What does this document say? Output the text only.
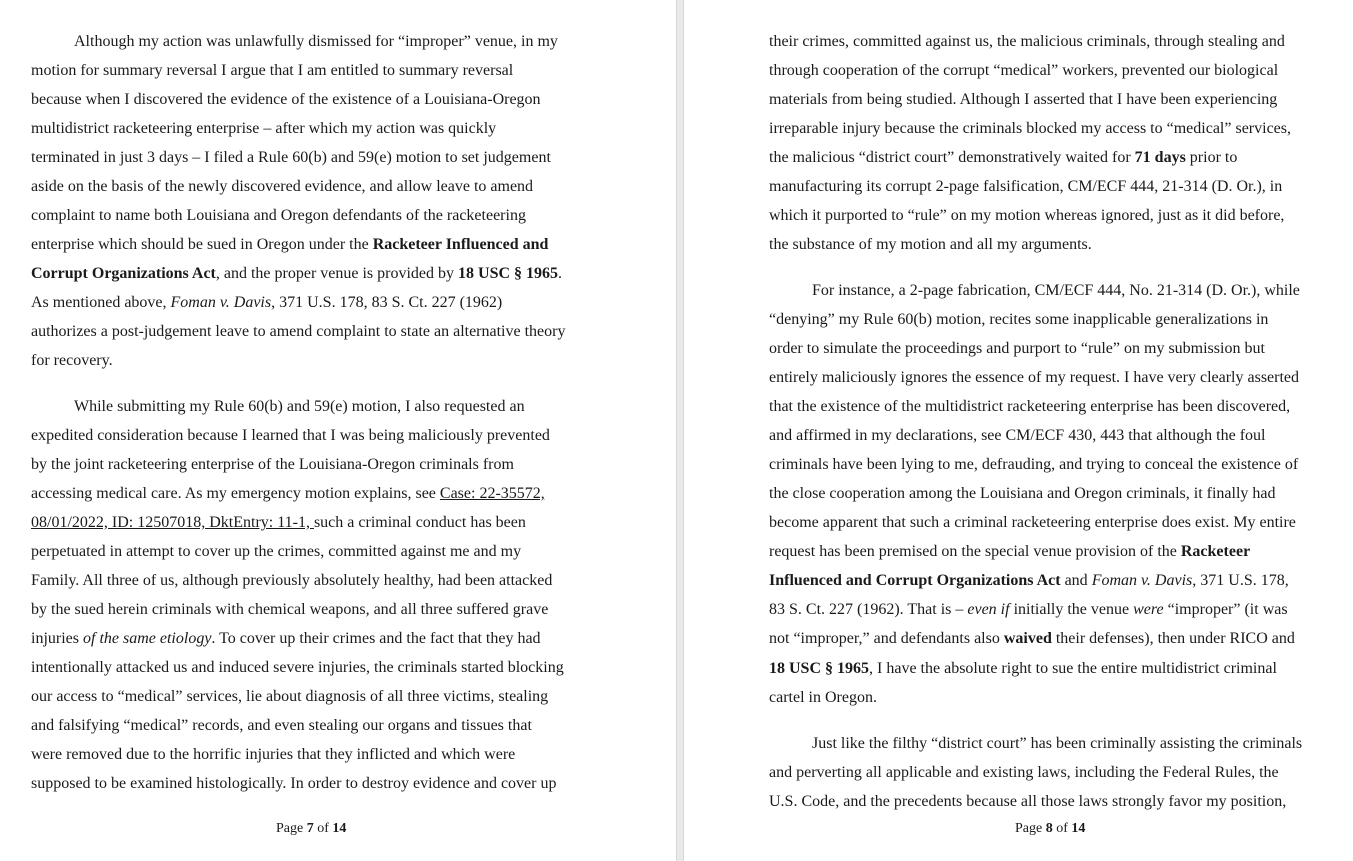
Although my action was unlawfully dismissed for “improper” venue, in my
motion for summary reversal I argue that I am entitled to summary reversal
because when I discovered the evidence of the existence of a Louisiana-Oregon
multidistrict racketeering enterprise – after which my action was quickly
terminated in just 3 days – I filed a Rule 60(b) and 59(e) motion to set judgement
aside on the basis of the newly discovered evidence, and allow leave to amend
complaint to name both Louisiana and Oregon defendants of the racketeering
enterprise which should be sued in Oregon under the Racketeer Influenced and
Corrupt Organizations Act, and the proper venue is provided by 18 USC § 1965.
As mentioned above, Foman v. Davis, 371 U.S. 178, 83 S. Ct. 227 (1962)
authorizes a post-judgement leave to amend complaint to state an alternative theory
for recovery.
While submitting my Rule 60(b) and 59(e) motion, I also requested an
expedited consideration because I learned that I was being maliciously prevented
by the joint racketeering enterprise of the Louisiana-Oregon criminals from
accessing medical care. As my emergency motion explains, see Case: 22-35572,
08/01/2022, ID: 12507018, DktEntry: 11-1, such a criminal conduct has been
perpetuated in attempt to cover up the crimes, committed against me and my
Family. All three of us, although previously absolutely healthy, had been attacked
by the sued herein criminals with chemical weapons, and all three suffered grave
injuries of the same etiology. To cover up their crimes and the fact that they had
intentionally attacked us and induced severe injuries, the criminals started blocking
our access to “medical” services, lie about diagnosis of all three victims, stealing
and falsifying “medical” records, and even stealing our organs and tissues that
were removed due to the horrific injuries that they inflicted and which were
supposed to be examined histologically. In order to destroy evidence and cover up
Page 7 of 14
their crimes, committed against us, the malicious criminals, through stealing and
through cooperation of the corrupt “medical” workers, prevented our biological
materials from being studied. Although I asserted that I have been experiencing
irreparable injury because the criminals blocked my access to “medical” services,
the malicious “district court” demonstratively waited for 71 days prior to
manufacturing its corrupt 2-page falsification, CM/ECF 444, 21-314 (D. Or.), in
which it purported to “rule” on my motion whereas ignored, just as it did before,
the substance of my motion and all my arguments.
For instance, a 2-page fabrication, CM/ECF 444, No. 21-314 (D. Or.), while
“denying” my Rule 60(b) motion, recites some inapplicable generalizations in
order to simulate the proceedings and purport to “rule” on my submission but
entirely maliciously ignores the essence of my request. I have very clearly asserted
that the existence of the multidistrict racketeering enterprise has been discovered,
and affirmed in my declarations, see CM/ECF 430, 443 that although the foul
criminals have been lying to me, defrauding, and trying to conceal the existence of
the close cooperation among the Louisiana and Oregon criminals, it finally had
become apparent that such a criminal racketeering enterprise does exist. My entire
request has been premised on the special venue provision of the Racketeer
Influenced and Corrupt Organizations Act and Foman v. Davis, 371 U.S. 178,
83 S. Ct. 227 (1962). That is – even if initially the venue were “improper” (it was
not “improper,” and defendants also waived their defenses), then under RICO and
18 USC § 1965, I have the absolute right to sue the entire multidistrict criminal
cartel in Oregon.
Just like the filthy “district court” has been criminally assisting the criminals
and perverting all applicable and existing laws, including the Federal Rules, the
U.S. Code, and the precedents because all those laws strongly favor my position,
Page 8 of 14
